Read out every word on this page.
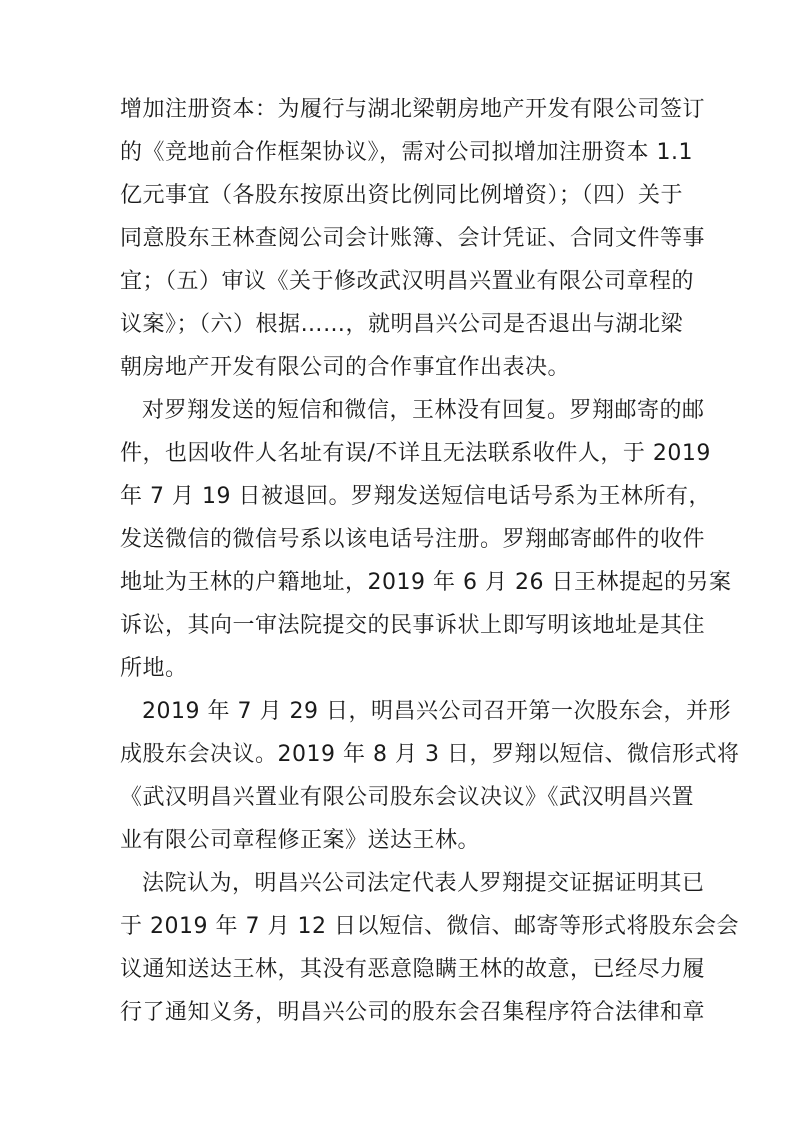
增加注册资本：为履行与湖北梁朝房地产开发有限公司签订
的《竞地前合作框架协议》，需对公司拟增加注册资本 1.1
亿元事宜（各股东按原出资比例同比例增资）；（四）关于
同意股东王林查阅公司会计账簿、会计凭证、合同文件等事
宜；（五）审议《关于修改武汉明昌兴置业有限公司章程的
议案》；（六）根据……，就明昌兴公司是否退出与湖北梁
朝房地产开发有限公司的合作事宜作出表决。
对罗翔发送的短信和微信，王林没有回复。罗翔邮寄的邮
件，也因收件人名址有误/不详且无法联系收件人，于 2019
年 7 月 19 日被退回。罗翔发送短信电话号系为王林所有，
发送微信的微信号系以该电话号注册。罗翔邮寄邮件的收件
地址为王林的户籍地址，2019 年 6 月 26 日王林提起的另案
诉讼，其向一审法院提交的民事诉状上即写明该地址是其住
所地。
2019 年 7 月 29 日，明昌兴公司召开第一次股东会，并形
成股东会决议。2019 年 8 月 3 日，罗翔以短信、微信形式将
《武汉明昌兴置业有限公司股东会议决议》《武汉明昌兴置
业有限公司章程修正案》送达王林。
法院认为，明昌兴公司法定代表人罗翔提交证据证明其已
于 2019 年 7 月 12 日以短信、微信、邮寄等形式将股东会会
议通知送达王林，其没有恶意隐瞒王林的故意，已经尽力履
行了通知义务，明昌兴公司的股东会召集程序符合法律和章
